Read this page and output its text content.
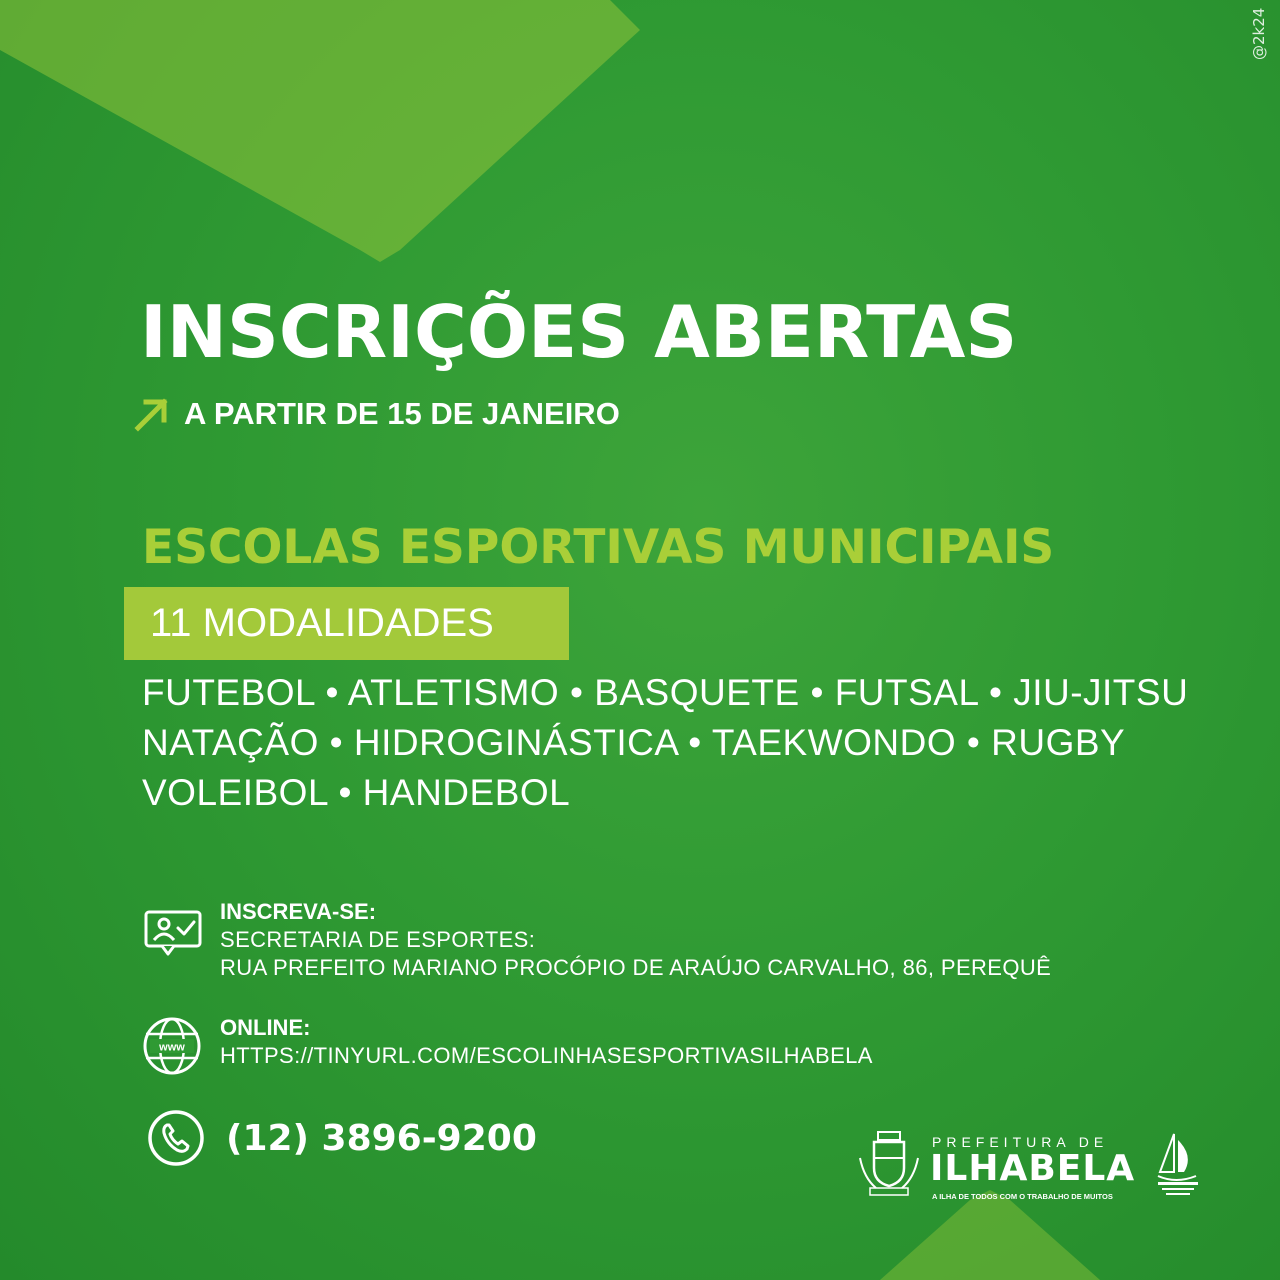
@2k24
INSCRIÇÕES ABERTAS
A PARTIR DE 15 DE JANEIRO
ESCOLAS ESPORTIVAS MUNICIPAIS
11 MODALIDADES
FUTEBOL • ATLETISMO • BASQUETE • FUTSAL • JIU-JITSU
NATAÇÃO • HIDROGINÁSTICA • TAEKWONDO • RUGBY
VOLEIBOL • HANDEBOL
INSCREVA-SE:
SECRETARIA DE ESPORTES:
RUA PREFEITO MARIANO PROCÓPIO DE ARAÚJO CARVALHO, 86, PEREQUÊ
www
ONLINE:
HTTPS://TINYURL.COM/ESCOLINHASESPORTIVASILHABELA
(12) 3896-9200	PREFEITURA DE
ILHABELA
A ILHA DE TODOS COM O TRABALHO DE MUITOS
